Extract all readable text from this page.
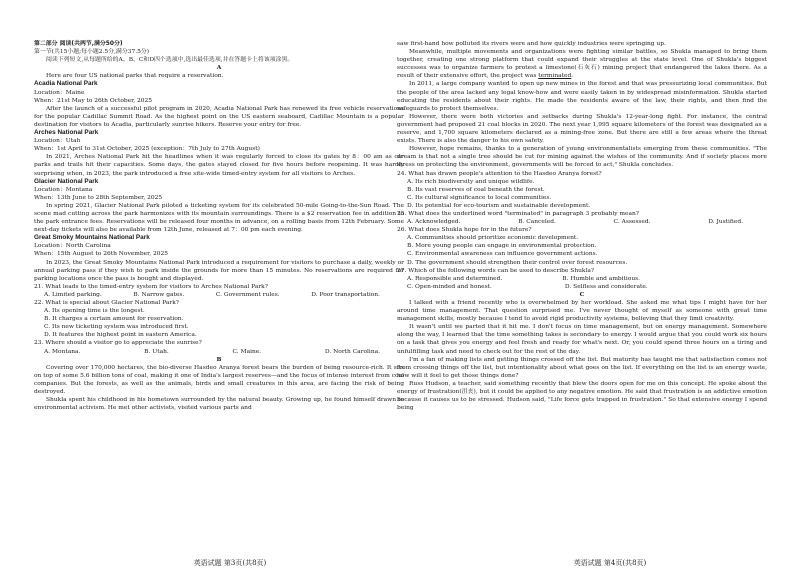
第二部分 阅读(共两节,满分50分)

第一节(共15小题;每小题2.5分,满分37.5分)

阅读下列短文,从每题所给的A、B、C和D四个选项中,选出最佳选项,并在答题卡上将该项涂黑。

A

Here are four US national parks that require a reservation.

Acadia National Park

Location：Maine

When：21st May to 26th October, 2025

After the launch of a successful pilot program in 2020, Acadia National Park has renewed its free vehicle reservations for the popular Cadillac Summit Road. As the highest point on the US eastern seaboard, Cadillac Mountain is a popular destination for visitors to Acadia, particularly sunrise hikers. Reserve your entry for free.

Arches National Park

Location：Utah

When：1st April to 31st October, 2025 (exception：7th July to 27th August)

In 2021, Arches National Park hit the headlines when it was regularly forced to close its gates by 8：00 am as car parks and trails hit their capacities. Some days, the gates stayed closed for five hours before reopening. It was hardly surprising when, in 2023, the park introduced a free site-wide timed-entry system for all visitors to Arches.

Glacier National Park

Location：Montana

When：13th June to 28th September, 2025

In spring 2021, Glacier National Park piloted a ticketing system for its celebrated 50-mile Going-to-the-Sun Road. The scene mad cutting across the park harmonizes with its mountain surroundings. There is a $2 reservation fee in addition to the park entrance fees. Reservations will be released four months in advance, on a rolling basis from 12th February. Some next-day tickets will also be available from 12th June, released at 7：00 pm each evening.

Great Smoky Mountains National Park

Location：North Carolina

When：15th August to 26th November, 2025

In 2023, the Great Smoky Mountains National Park introduced a requirement for visitors to purchase a daily, weekly or annual parking pass if they wish to park inside the grounds for more than 15 minutes. No reservations are required for parking locations once the pass is bought and displayed.

21. What leads to the timed-entry system for visitors to Arches National Park?

A. Limited parking.	B. Narrow gates.	C. Government rules.	D. Poor transportation.

22. What is special about Glacier National Park?

A. Its opening time is the longest.

B. It charges a certain amount for reservation.

C. Its new ticketing system was introduced first.

D. It features the highest point in eastern America.

23. Where should a visitor go to appreciate the sunrise?

A. Montana.	B. Utah.	C. Maine.	D. North Carolina.

B

Covering over 170,000 hectares, the bio-diverse Hasdeo Aranya forest bears the burden of being resource-rich. It sits on top of some 5.6 billion tons of coal, making it one of India's largest reserves—and the focus of intense interest from coal companies. But the forests, as well as the animals, birds and small creatures in this area, are facing the risk of being destroyed.

Shukla spent his childhood in his hometown surrounded by the natural beauty. Growing up, he found himself drawn to environmental activism. He met other activists, visited various parts and

saw first-hand how polluted its rivers were and how quickly industries were springing up.

Meanwhile, multiple movements and organizations were fighting similar battles, so Shukla managed to bring them together, creating one strong platform that could expand their struggles at the state level. One of Shukla's biggest successes was to organize farmers to protest a limestone(石灰石) mining project that endangered the lakes there. As a result of their extensive effort, the project was terminated.

In 2011, a large company wanted to open up new mines in the forest and that was pressurizing local communities. But the people of the area lacked any legal know-how and were easily taken in by widespread misinformation. Shukla started educating the residents about their rights. He made the residents aware of the law, their rights, and then find the safeguards to protect themselves.

However, there were both victories and setbacks during Shukla's 12-year-long fight. For instance, the central government had proposed 21 coal blocks in 2020. The next year 1,995 square kilometers of the forest was designated as a reserve, and 1,700 square kilometers declared as a mining-free zone. But there are still a few areas where the threat exists. There is also the danger to his own safety.

However, hope remains, thanks to a generation of young environmentalists emerging from these communities. "The dream is that not a single tree should be cut for mining against the wishes of the community. And if society places more stress on protecting the environment, governments will be forced to act," Shukla concludes.

24. What has drawn people's attention to the Hasdeo Aranya forest?

A. Its rich biodiversity and unique wildlife.

B. Its vast reserves of coal beneath the forest.

C. Its cultural significance to local communities.

D. Its potential for eco-tourism and sustainable development.

25. What does the underlined word "terminated" in paragraph 3 probably mean?

A. Acknowledged.	B. Canceled.	C. Assessed.	D. Justified.

26. What does Shukla hope for in the future?

A. Communities should prioritize economic development.

B. More young people can engage in environmental protection.

C. Environmental awareness can influence government actions.

D. The government should strengthen their control over forest resources.

27. Which of the following words can be used to describe Shukla?

A. Responsible and determined.	B. Humble and ambitious.
C. Open-minded and honest.	D. Selfless and considerate.

C

I talked with a friend recently who is overwhelmed by her workload. She asked me what tips I might have for her around time management. That question surprised me. I've never thought of myself as someone with great time management skills, mostly because I tend to avoid rigid productivity systems, believing that they limit creativity.

It wasn't until we parted that it hit me. I don't focus on time management, but on energy management. Somewhere along the way, I learned that the time something takes is secondary to energy. I would argue that you could work six hours on a task that gives you energy and feel fresh and ready for what's next. Or, you could spend three hours on a tiring and unfulfilling task and need to check out for the rest of the day.

I'm a fan of making lists and getting things crossed off the list. But maturity has taught me that satisfaction comes not from crossing things off the list, but intentionality about what goes on the list. If everything on the list is an energy waste, how will it feel to get those things done?

Russ Hudson, a teacher, said something recently that blew the doors open for me on this concept. He spoke about the energy of frustration(沮丧), but it could be applied to any negative emotion. He said that frustration is an addictive emotion because it causes us to be stressed. Hudson said, "Life force gets trapped in frustration." So that extensive energy I spend being

英语试题 第3页(共8页)	英语试题 第4页(共8页)
